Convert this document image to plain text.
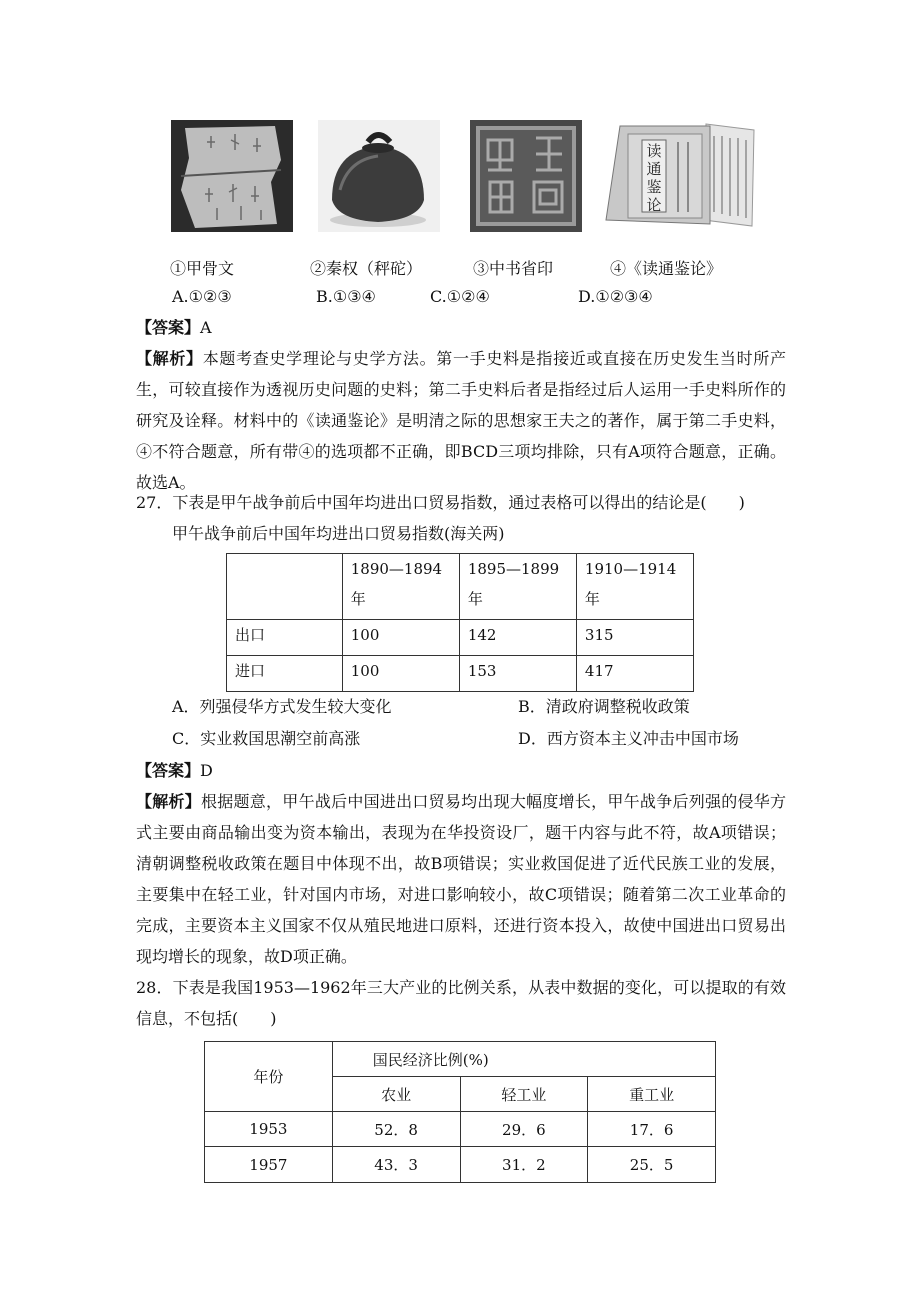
读
通
鉴
论
①甲骨文	②秦权（秤砣）	③中书省印	④《读通鉴论》
A.①②③	B.①③④	C.①②④	D.①②③④
【答案】A
【解析】本题考查史学理论与史学方法。第一手史料是指接近或直接在历史发生当时所产生，可较直接作为透视历史问题的史料；第二手史料后者是指经过后人运用一手史料所作的研究及诠释。材料中的《读通鉴论》是明清之际的思想家王夫之的著作，属于第二手史料，④不符合题意，所有带④的选项都不正确，即BCD三项均排除，只有A项符合题意，正确。故选A。
27．下表是甲午战争前后中国年均进出口贸易指数，通过表格可以得出的结论是(　　)
甲午战争前后中国年均进出口贸易指数(海关两)
	1890—1894年	1895—1899年	1910—1914年
出口	100	142	315
进口	100	153	417
A．列强侵华方式发生较大变化	B．清政府调整税收政策
C．实业救国思潮空前高涨	D．西方资本主义冲击中国市场
【答案】D
【解析】根据题意，甲午战后中国进出口贸易均出现大幅度增长，甲午战争后列强的侵华方式主要由商品输出变为资本输出，表现为在华投资设厂，题干内容与此不符，故A项错误；清朝调整税收政策在题目中体现不出，故B项错误；实业救国促进了近代民族工业的发展，主要集中在轻工业，针对国内市场，对进口影响较小，故C项错误；随着第二次工业革命的完成，主要资本主义国家不仅从殖民地进口原料，还进行资本投入，故使中国进出口贸易出现均增长的现象，故D项正确。
28．下表是我国1953—1962年三大产业的比例关系，从表中数据的变化，可以提取的有效信息，不包括(　　)
年份	国民经济比例(%)		
	农业	轻工业	重工业
1953	52．8	29．6	17．6
1957	43．3	31．2	25．5
